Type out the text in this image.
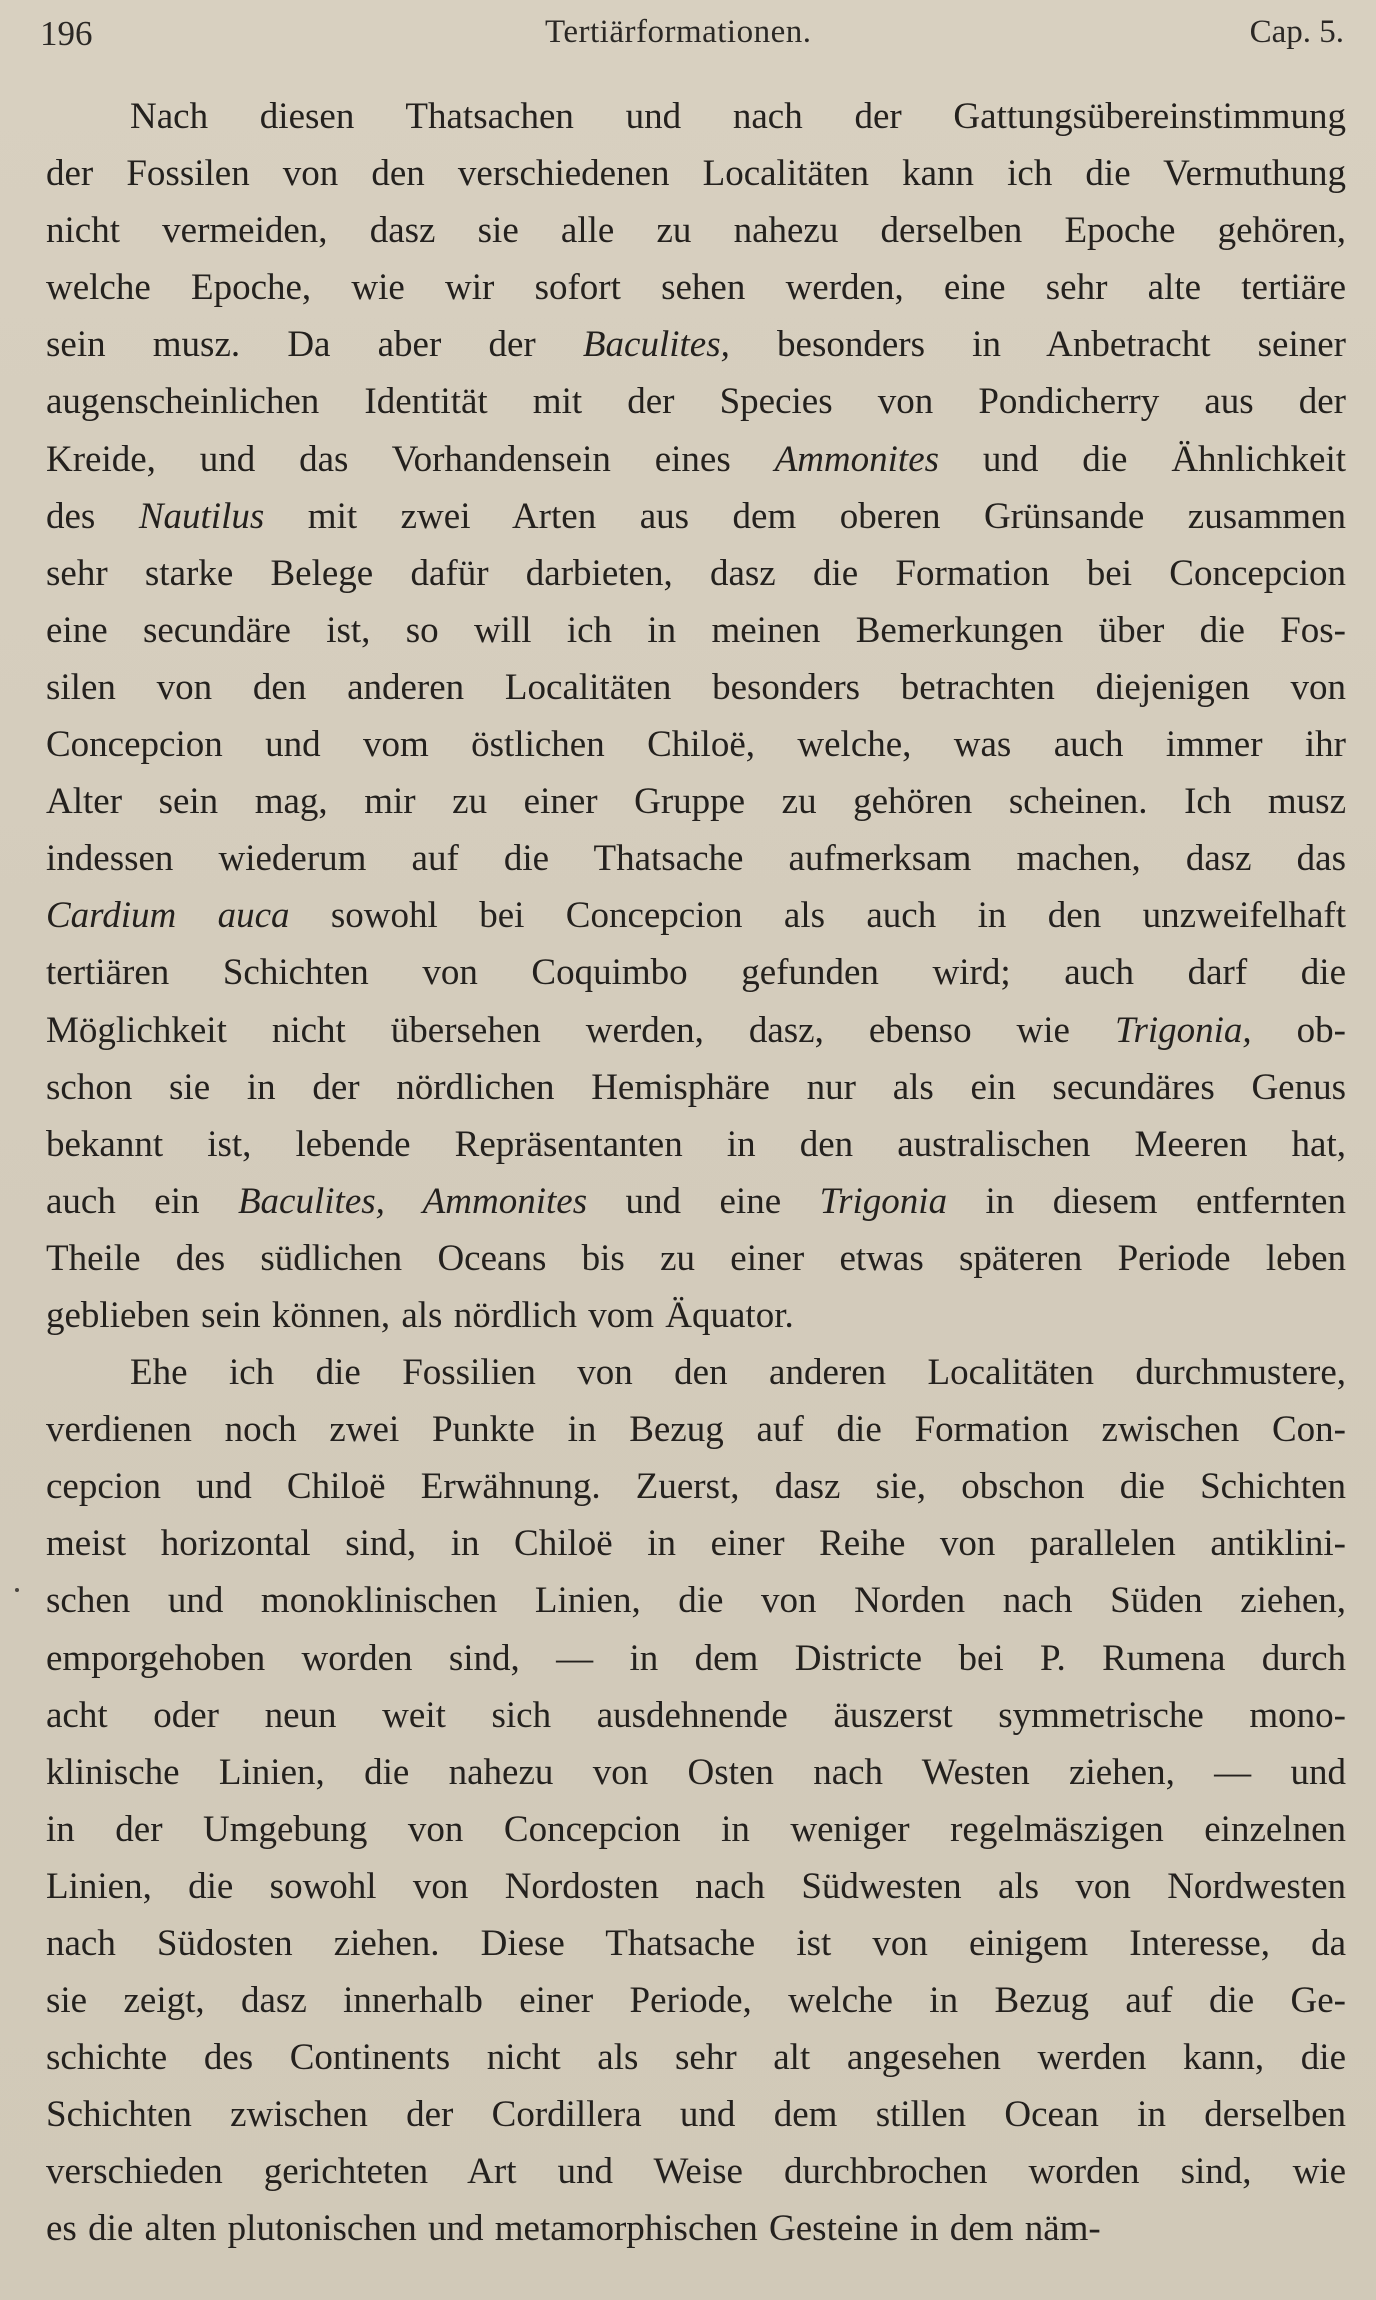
196	Tertiärformationen.	Cap. 5.

Nach diesen Thatsachen und nach der Gattungsübereinstimmung
der Fossilen von den verschiedenen Localitäten kann ich die Vermuthung
nicht vermeiden, dasz sie alle zu nahezu derselben Epoche gehören,
welche Epoche, wie wir sofort sehen werden, eine sehr alte tertiäre
sein musz. Da aber der Baculites, besonders in Anbetracht seiner
augenscheinlichen Identität mit der Species von Pondicherry aus der
Kreide, und das Vorhandensein eines Ammonites und die Ähnlichkeit
des Nautilus mit zwei Arten aus dem oberen Grünsande zusammen
sehr starke Belege dafür darbieten, dasz die Formation bei Concepcion
eine secundäre ist, so will ich in meinen Bemerkungen über die Fos-
silen von den anderen Localitäten besonders betrachten diejenigen von
Concepcion und vom östlichen Chiloë, welche, was auch immer ihr
Alter sein mag, mir zu einer Gruppe zu gehören scheinen. Ich musz
indessen wiederum auf die Thatsache aufmerksam machen, dasz das
Cardium auca sowohl bei Concepcion als auch in den unzweifelhaft
tertiären Schichten von Coquimbo gefunden wird; auch darf die
Möglichkeit nicht übersehen werden, dasz, ebenso wie Trigonia, ob-
schon sie in der nördlichen Hemisphäre nur als ein secundäres Genus
bekannt ist, lebende Repräsentanten in den australischen Meeren hat,
auch ein Baculites, Ammonites und eine Trigonia in diesem entfernten
Theile des südlichen Oceans bis zu einer etwas späteren Periode leben
geblieben sein können, als nördlich vom Äquator.

Ehe ich die Fossilien von den anderen Localitäten durchmustere,
verdienen noch zwei Punkte in Bezug auf die Formation zwischen Con-
cepcion und Chiloë Erwähnung. Zuerst, dasz sie, obschon die Schichten
meist horizontal sind, in Chiloë in einer Reihe von parallelen antiklini-
schen und monoklinischen Linien, die von Norden nach Süden ziehen,
emporgehoben worden sind, — in dem Districte bei P. Rumena durch
acht oder neun weit sich ausdehnende äuszerst symmetrische mono-
klinische Linien, die nahezu von Osten nach Westen ziehen, — und
in der Umgebung von Concepcion in weniger regelmäszigen einzelnen
Linien, die sowohl von Nordosten nach Südwesten als von Nordwesten
nach Südosten ziehen. Diese Thatsache ist von einigem Interesse, da
sie zeigt, dasz innerhalb einer Periode, welche in Bezug auf die Ge-
schichte des Continents nicht als sehr alt angesehen werden kann, die
Schichten zwischen der Cordillera und dem stillen Ocean in derselben
verschieden gerichteten Art und Weise durchbrochen worden sind, wie
es die alten plutonischen und metamorphischen Gesteine in dem näm-
